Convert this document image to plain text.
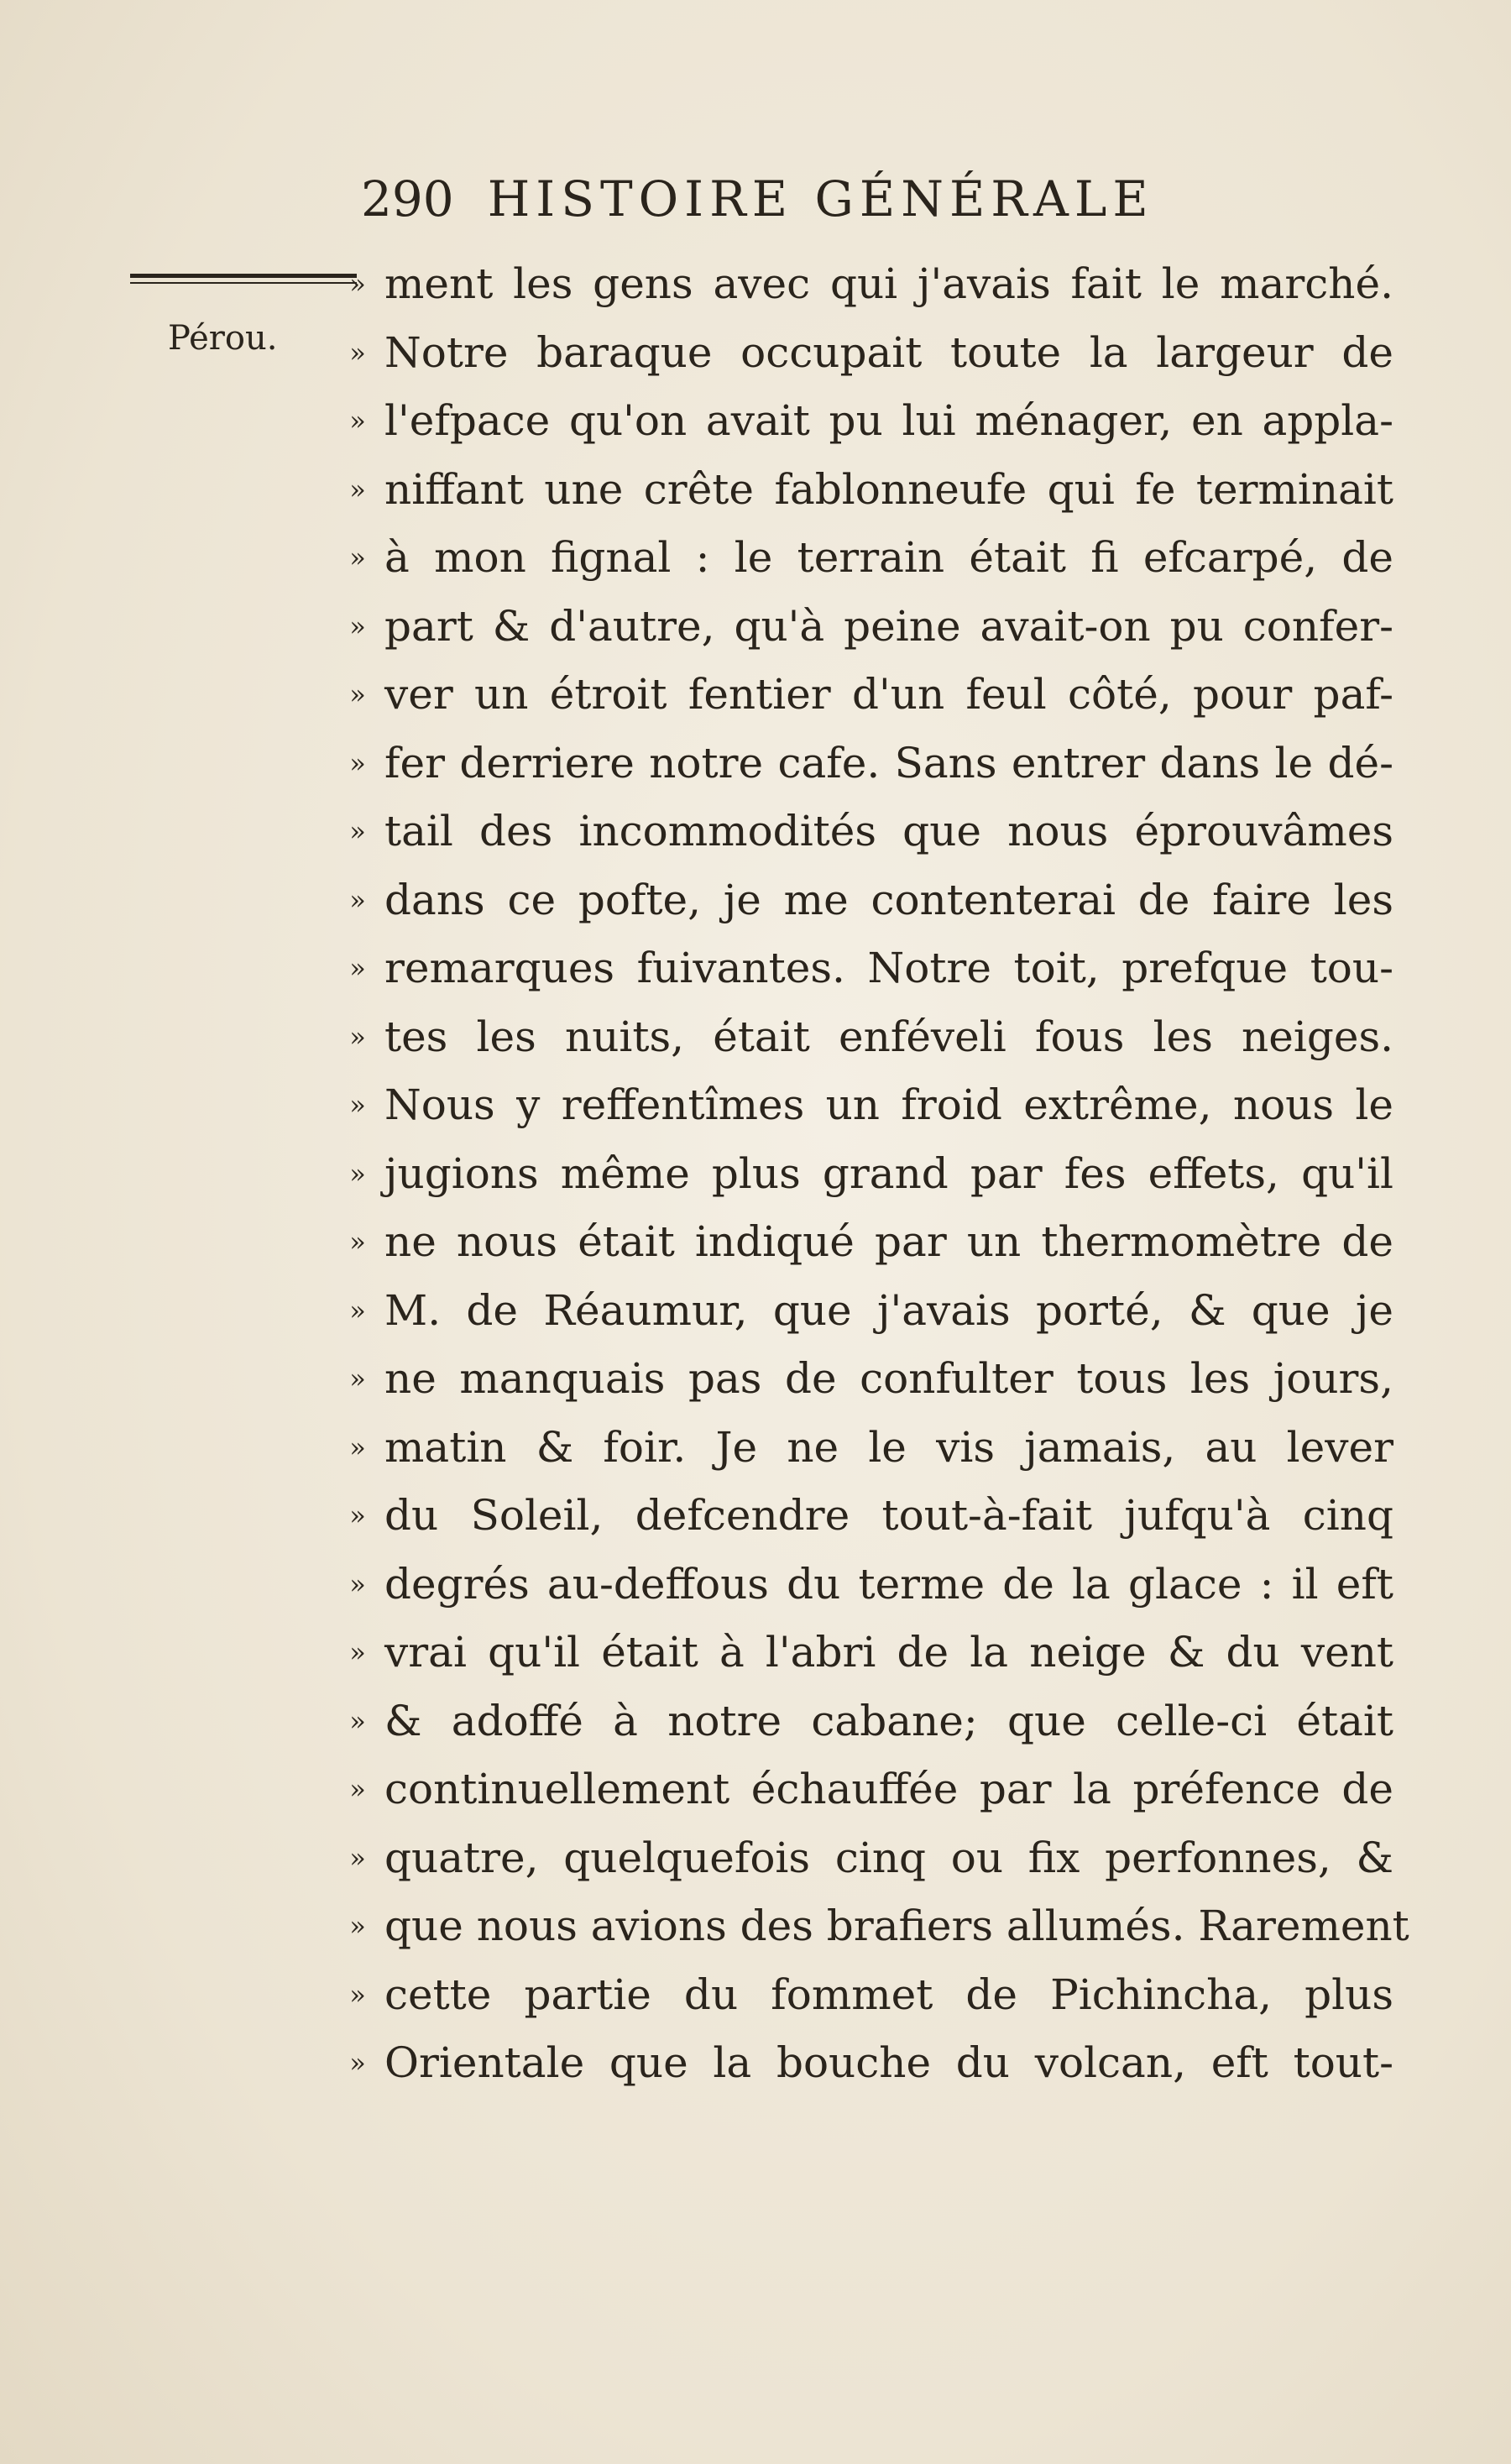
290 HISTOIRE GÉNÉRALE
Pérou.
» ment les gens avec qui j'avais fait le marché.
» Notre baraque occupait toute la largeur de
» l'efpace qu'on avait pu lui ménager, en appla-
» niffant une crête fablonneufe qui fe terminait
» à mon fignal : le terrain était fi efcarpé, de
» part & d'autre, qu'à peine avait-on pu confer-
» ver un étroit fentier d'un feul côté, pour paf-
» fer derriere notre cafe. Sans entrer dans le dé-
» tail des incommodités que nous éprouvâmes
» dans ce pofte, je me contenterai de faire les
» remarques fuivantes. Notre toit, prefque tou-
» tes les nuits, était enféveli fous les neiges.
» Nous y reffentîmes un froid extrême, nous le
» jugions même plus grand par fes effets, qu'il
» ne nous était indiqué par un thermomètre de
» M. de Réaumur, que j'avais porté, & que je
» ne manquais pas de confulter tous les jours,
» matin & foir. Je ne le vis jamais, au lever
» du Soleil, defcendre tout-à-fait jufqu'à cinq
» degrés au-deffous du terme de la glace : il eft
» vrai qu'il était à l'abri de la neige & du vent
» & adoffé à notre cabane; que celle-ci était
» continuellement échauffée par la préfence de
» quatre, quelquefois cinq ou fix perfonnes, &
» que nous avions des brafiers allumés. Rarement
» cette partie du fommet de Pichincha, plus
» Orientale que la bouche du volcan, eft tout-
